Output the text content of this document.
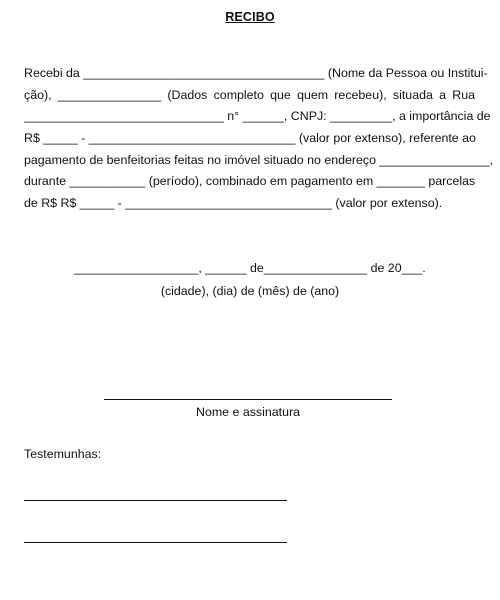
RECIBO
Recebi da ___________________________________ (Nome da Pessoa ou Institui-
ção), _______________ (Dados completo que quem recebeu), situada a Rua
_____________________________ n° ______, CNPJ: _________, a importância de
R$ _____ - ______________________________ (valor por extenso), referente ao
pagamento de benfeitorias feitas no imóvel situado no endereço ________________,
durante ___________ (período), combinado em pagamento em _______ parcelas
de R$ R$ _____ - ______________________________ (valor por extenso).
__________________, ______ de_______________ de 20___.
(cidade), (dia) de (mês) de (ano)
Nome e assinatura
Testemunhas:
